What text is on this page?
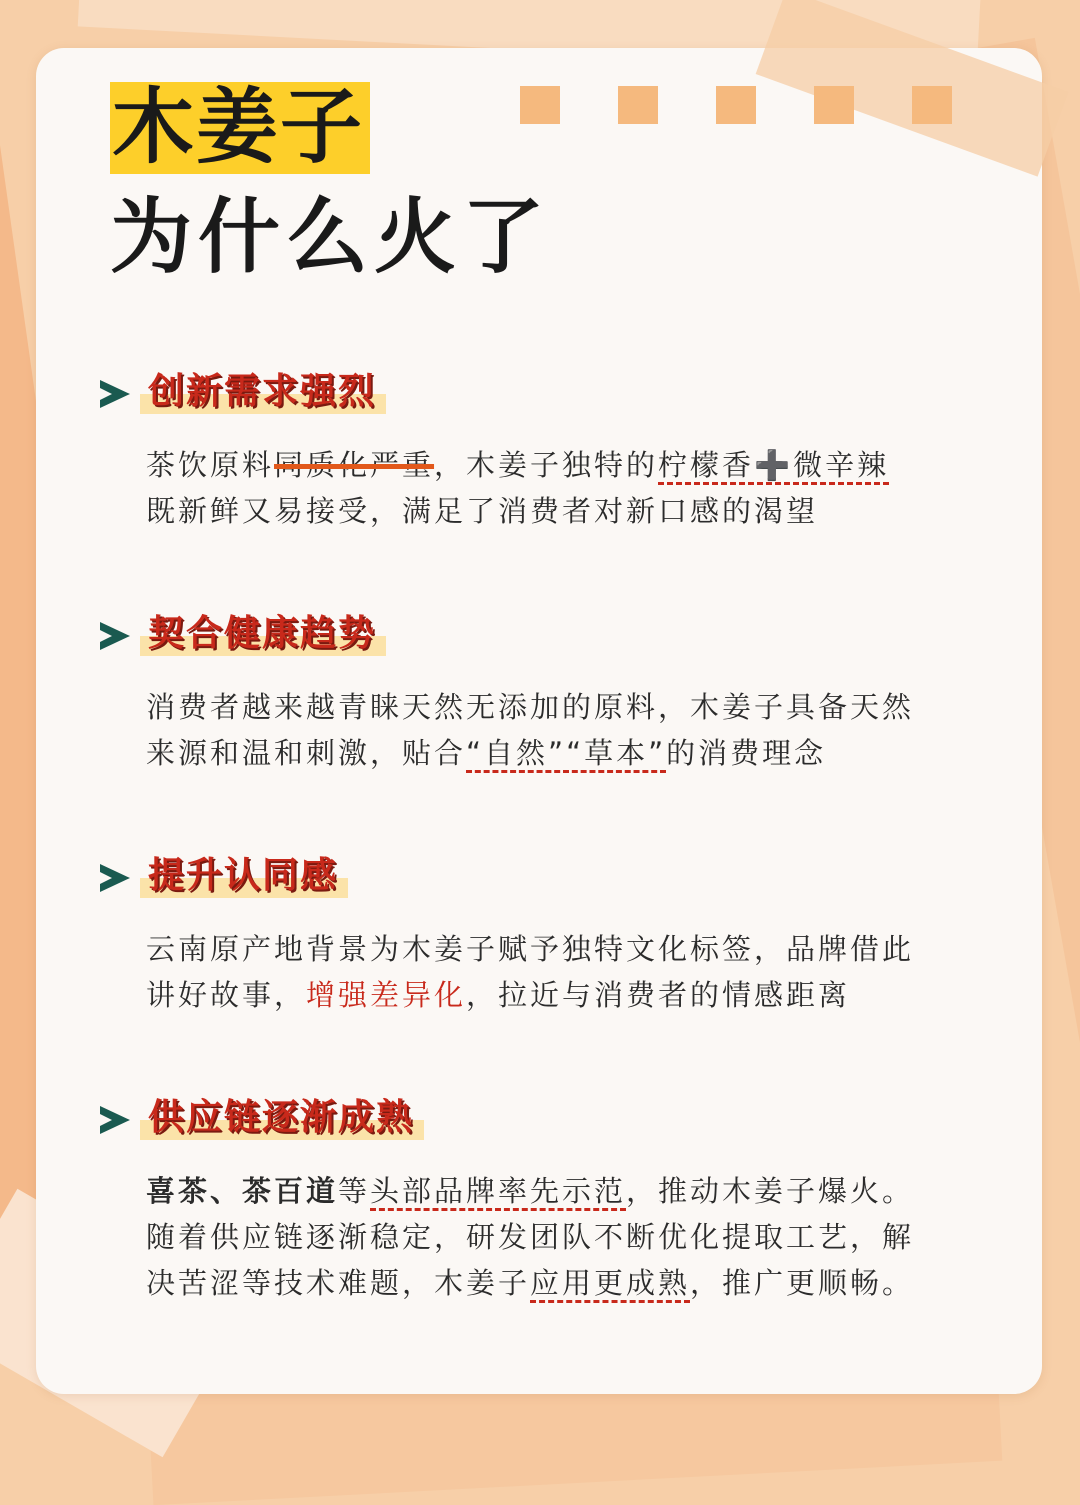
木姜子
为什么火了
创新需求强烈
茶饮原料同质化严重，木姜子独特的柠檬香➕微辛辣
既新鲜又易接受，满足了消费者对新口感的渴望
契合健康趋势
消费者越来越青睐天然无添加的原料，木姜子具备天然
来源和温和刺激，贴合“自然”“草本”的消费理念
提升认同感
云南原产地背景为木姜子赋予独特文化标签，品牌借此
讲好故事，增强差异化，拉近与消费者的情感距离
供应链逐渐成熟
喜茶、茶百道等头部品牌率先示范，推动木姜子爆火。
随着供应链逐渐稳定，研发团队不断优化提取工艺，解
决苦涩等技术难题，木姜子应用更成熟，推广更顺畅。
